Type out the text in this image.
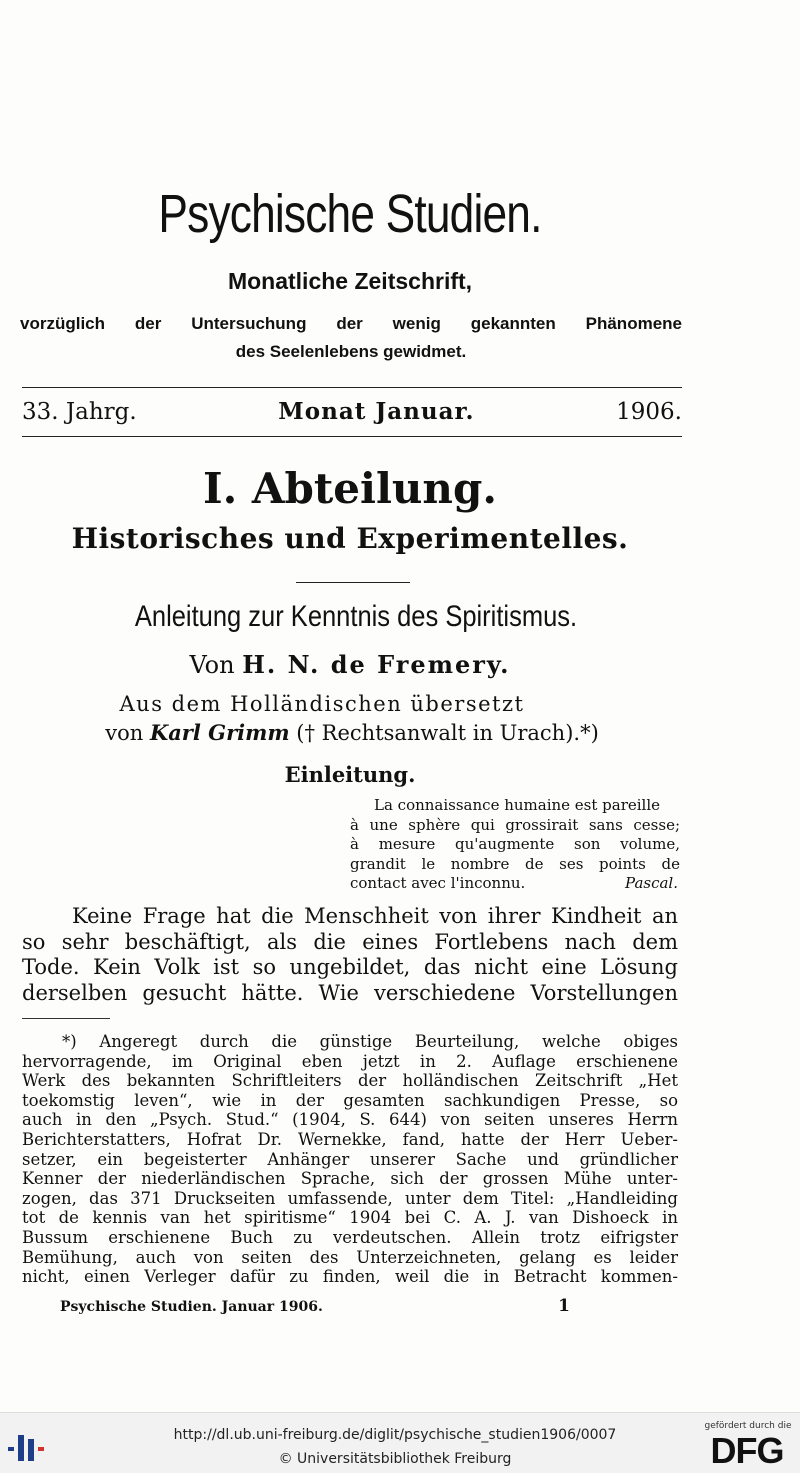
Psychische Studien.
Monatliche Zeitschrift,
vorzüglich der Untersuchung der wenig gekannten Phänomene
des Seelenlebens gewidmet.
33. Jahrg.	Monat Januar.	1906.
I. Abteilung.
Historisches und Experimentelles.
Anleitung zur Kenntnis des Spiritismus.
Von H. N. de Fremery.
Aus dem Holländischen übersetzt
von Karl Grimm († Rechtsanwalt in Urach).*)
Einleitung.
La connaissance humaine est pareille
à une sphère qui grossirait sans cesse;
à mesure qu'augmente son volume,
grandit le nombre de ses points de
contact avec l'inconnu.	Pascal.
Keine Frage hat die Menschheit von ihrer Kindheit an
so sehr beschäftigt, als die eines Fortlebens nach dem
Tode. Kein Volk ist so ungebildet, das nicht eine Lösung
derselben gesucht hätte. Wie verschiedene Vorstellungen
*) Angeregt durch die günstige Beurteilung, welche obiges
hervorragende, im Original eben jetzt in 2. Auflage erschienene
Werk des bekannten Schriftleiters der holländischen Zeitschrift „Het
toekomstig leven“, wie in der gesamten sachkundigen Presse, so
auch in den „Psych. Stud.“ (1904, S. 644) von seiten unseres Herrn
Berichterstatters, Hofrat Dr. Wernekke, fand, hatte der Herr Ueber-
setzer, ein begeisterter Anhänger unserer Sache und gründlicher
Kenner der niederländischen Sprache, sich der grossen Mühe unter-
zogen, das 371 Druckseiten umfassende, unter dem Titel: „Handleiding
tot de kennis van het spiritisme“ 1904 bei C. A. J. van Dishoeck in
Bussum erschienene Buch zu verdeutschen. Allein trotz eifrigster
Bemühung, auch von seiten des Unterzeichneten, gelang es leider
nicht, einen Verleger dafür zu finden, weil die in Betracht kommen-
Psychische Studien. Januar 1906.	1
http://dl.ub.uni-freiburg.de/diglit/psychische_studien1906/0007
© Universitätsbibliothek Freiburg
gefördert durch die
DFG
